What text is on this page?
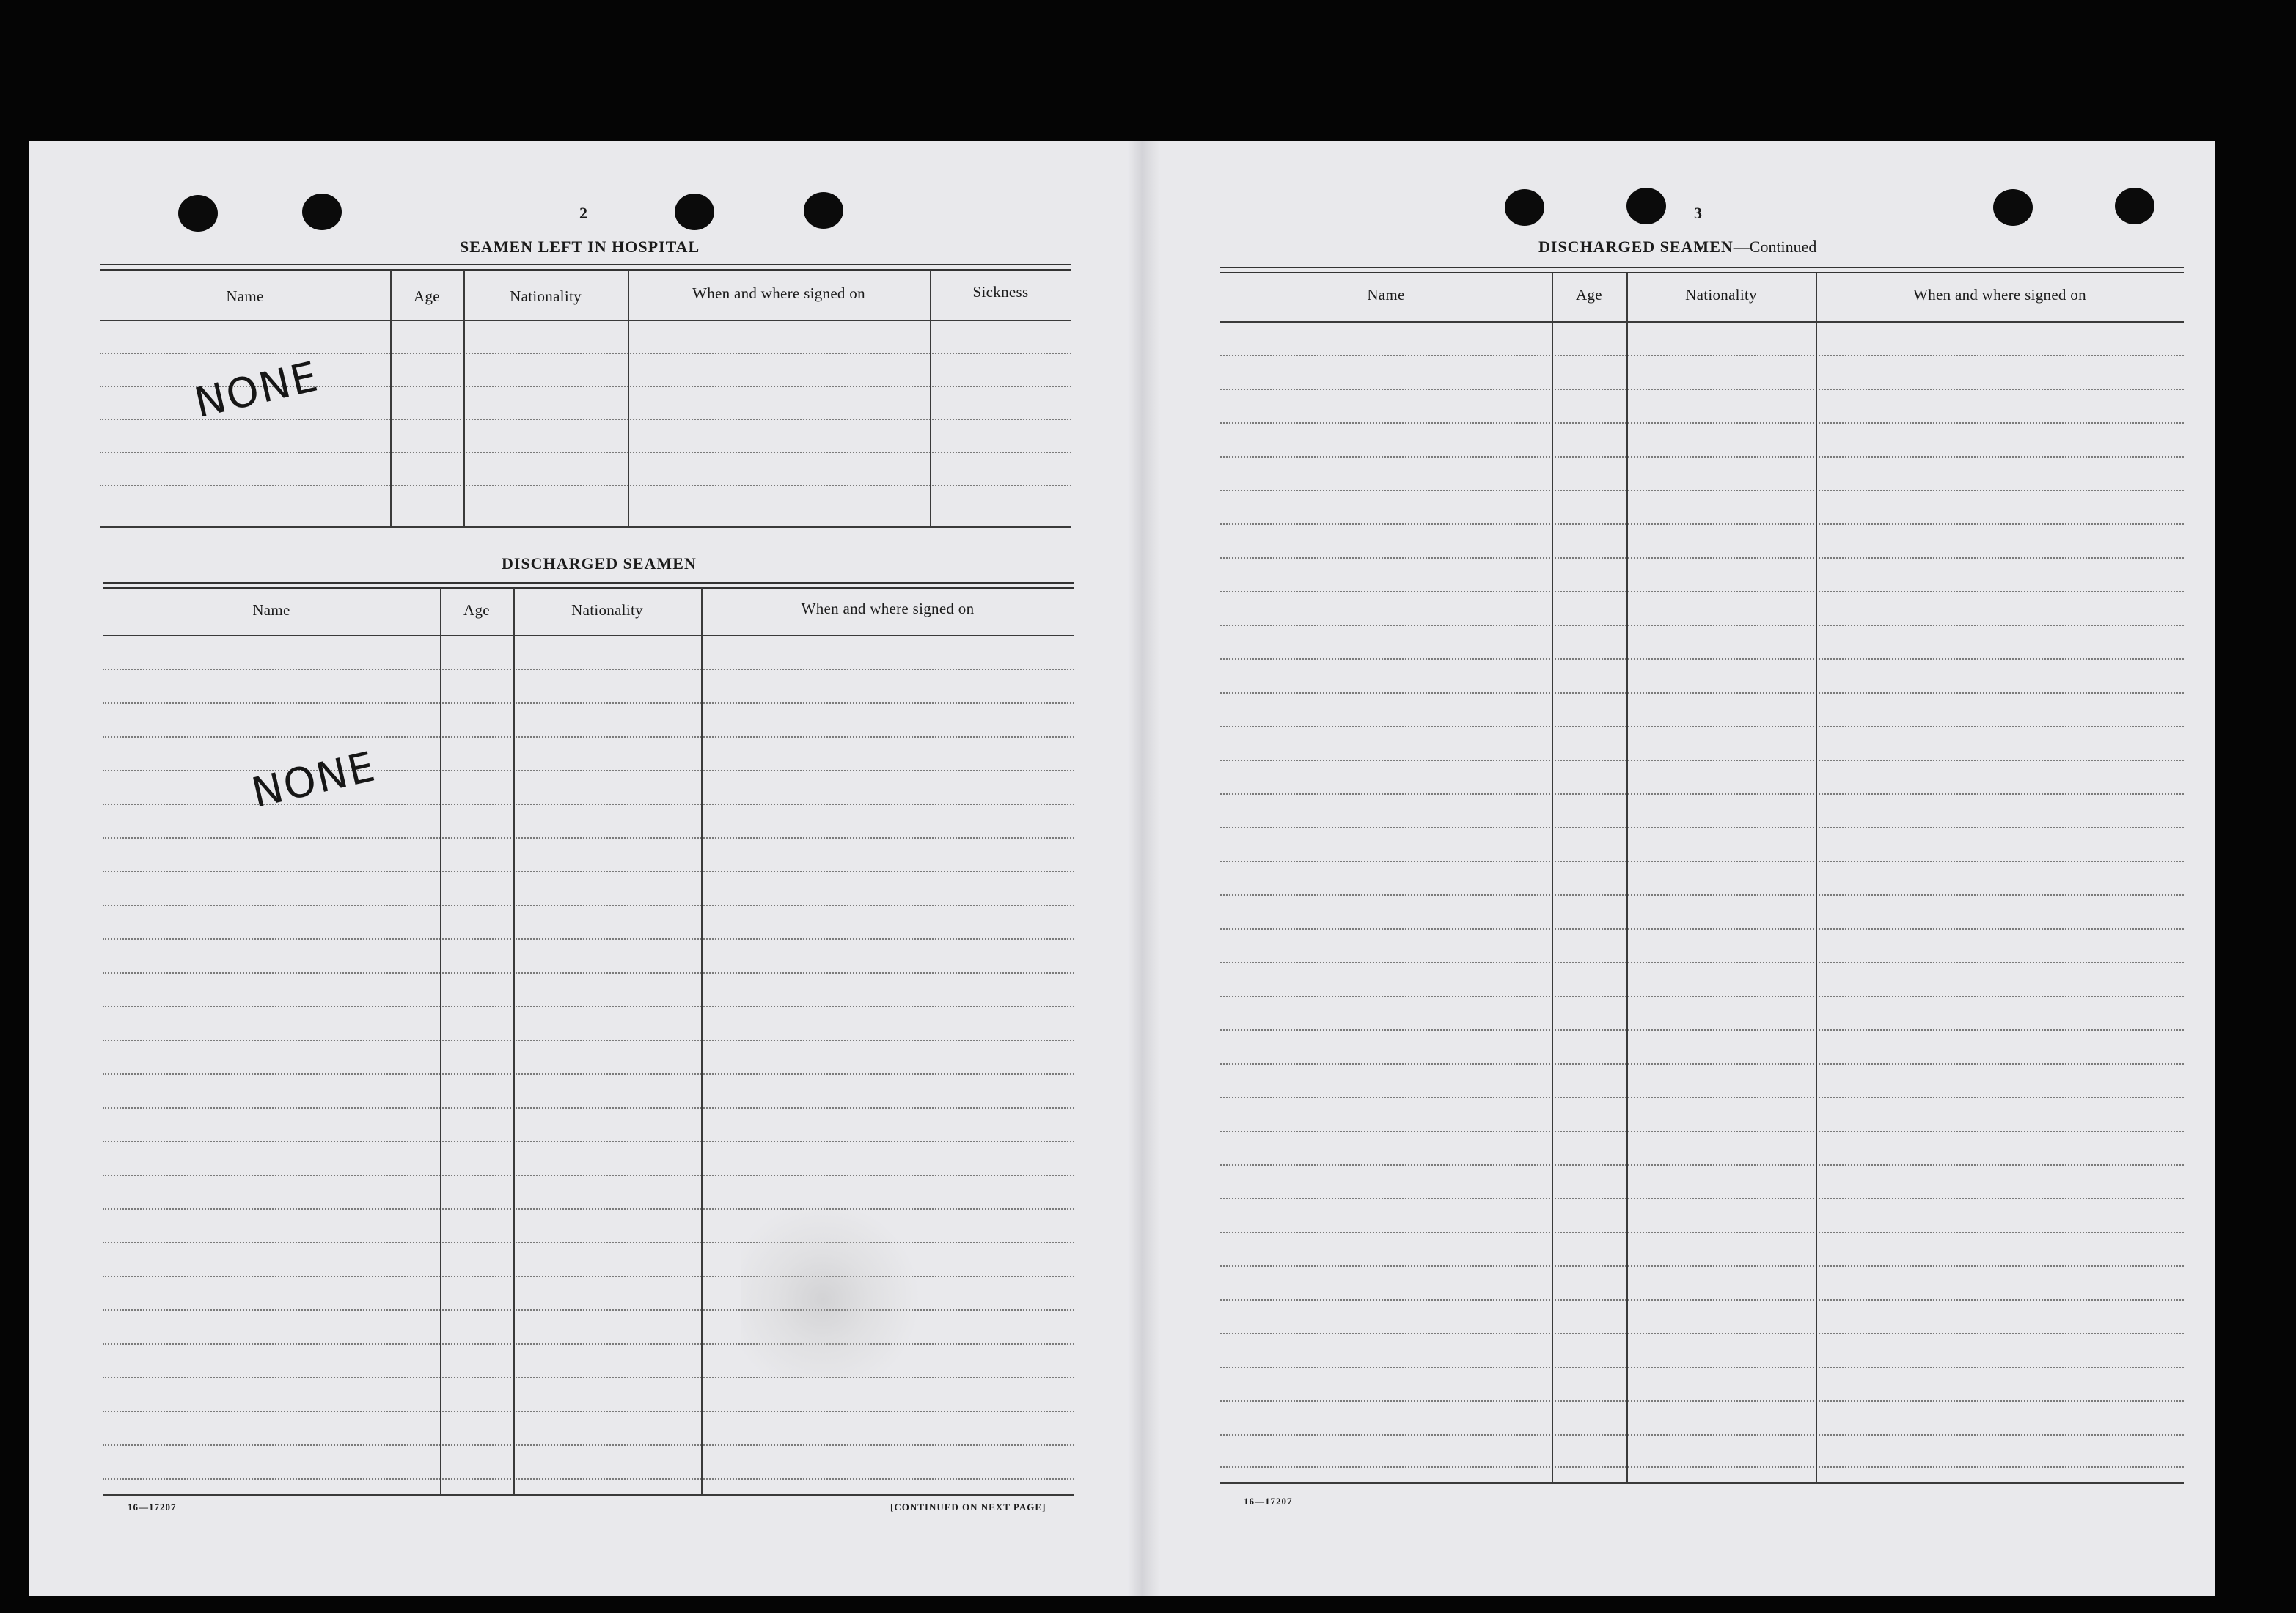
2
SEAMEN LEFT IN HOSPITAL
Name	Age	Nationality	When and where signed on	Sickness
NONE
DISCHARGED SEAMEN
Name	Age	Nationality	When and where signed on
NONE
16—17207	[CONTINUED ON NEXT PAGE]
3
DISCHARGED SEAMEN—Continued
Name	Age	Nationality	When and where signed on
16—17207
